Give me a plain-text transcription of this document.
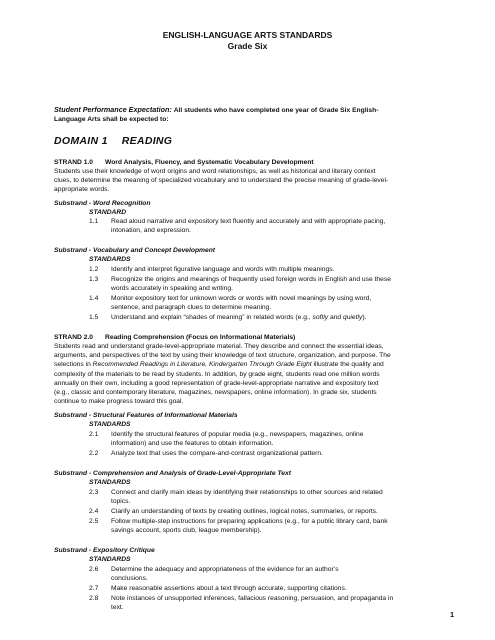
ENGLISH-LANGUAGE ARTS STANDARDS
Grade Six
Student Performance Expectation: All students who have completed one year of Grade Six English-
Language Arts shall be expected to:
DOMAIN 1 READING
STRAND 1.0 Word Analysis, Fluency, and Systematic Vocabulary Development
Students use their knowledge of word origins and word relationships, as well as historical and literary context
clues, to determine the meaning of specialized vocabulary and to understand the precise meaning of grade-level-
appropriate words.
Substrand - Word Recognition
STANDARD
1.1 Read aloud narrative and expository text fluently and accurately and with appropriate pacing,
intonation, and expression.
Substrand - Vocabulary and Concept Development
STANDARDS
1.2 Identify and interpret figurative language and words with multiple meanings.
1.3 Recognize the origins and meanings of frequently used foreign words in English and use these
words accurately in speaking and writing.
1.4 Monitor expository text for unknown words or words with novel meanings by using word,
sentence, and paragraph clues to determine meaning.
1.5 Understand and explain “shades of meaning” in related words (e.g., softly and quietly).
STRAND 2.0 Reading Comprehension (Focus on Informational Materials)
Students read and understand grade-level-appropriate material. They describe and connect the essential ideas,
arguments, and perspectives of the text by using their knowledge of text structure, organization, and purpose. The
selections in Recommended Readings in Literature, Kindergarten Through Grade Eight illustrate the quality and
complexity of the materials to be read by students. In addition, by grade eight, students read one million words
annually on their own, including a good representation of grade-level-appropriate narrative and expository text
(e.g., classic and contemporary literature, magazines, newspapers, online information). In grade six, students
continue to make progress toward this goal.
Substrand - Structural Features of Informational Materials
STANDARDS
2.1 Identify the structural features of popular media (e.g., newspapers, magazines, online
information) and use the features to obtain information.
2.2 Analyze text that uses the compare-and-contrast organizational pattern.
Substrand - Comprehension and Analysis of Grade-Level-Appropriate Text
STANDARDS
2.3 Connect and clarify main ideas by identifying their relationships to other sources and related
topics.
2.4 Clarify an understanding of texts by creating outlines, logical notes, summaries, or reports.
2.5 Follow multiple-step instructions for preparing applications (e.g., for a public library card, bank
savings account, sports club, league membership).
Substrand - Expository Critique
STANDARDS
2.6 Determine the adequacy and appropriateness of the evidence for an author’s
conclusions.
2.7 Make reasonable assertions about a text through accurate, supporting citations.
2.8 Note instances of unsupported inferences, fallacious reasoning, persuasion, and propaganda in
text.
1
